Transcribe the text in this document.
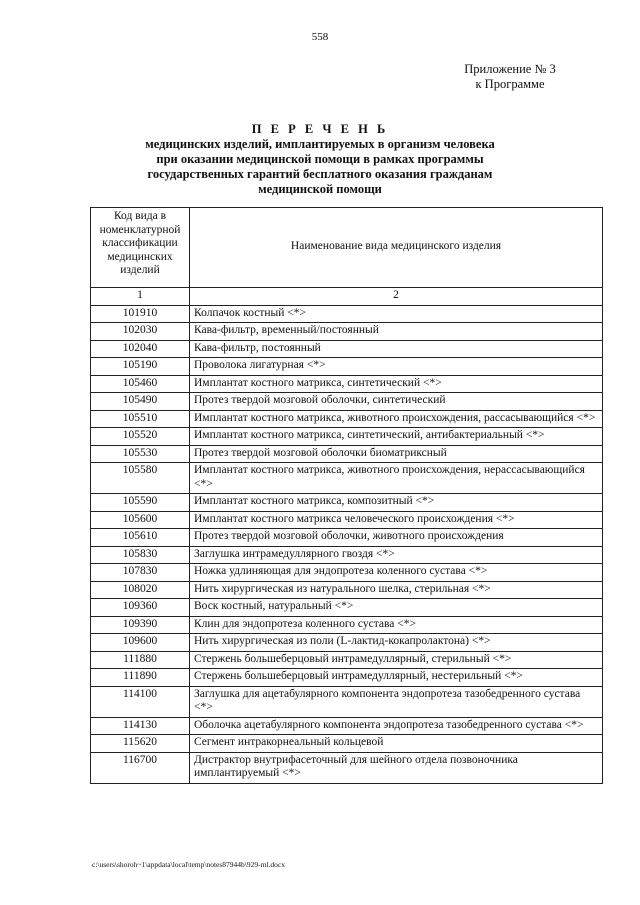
558
Приложение № 3
к Программе
П Е Р Е Ч Е Н Ь
медицинских изделий, имплантируемых в организм человека
при оказании медицинской помощи в рамках программы
государственных гарантий бесплатного оказания гражданам
медицинской помощи
Код вида в номенклатурной классификации медицинских изделий	Наименование вида медицинского изделия
1	2
101910	Колпачок костный <*>
102030	Кава-фильтр, временный/постоянный
102040	Кава-фильтр, постоянный
105190	Проволока лигатурная <*>
105460	Имплантат костного матрикса, синтетический <*>
105490	Протез твердой мозговой оболочки, синтетический
105510	Имплантат костного матрикса, животного происхождения, рассасывающийся <*>
105520	Имплантат костного матрикса, синтетический, антибактериальный <*>
105530	Протез твердой мозговой оболочки биоматриксный
105580	Имплантат костного матрикса, животного происхождения, нерассасывающийся <*>
105590	Имплантат костного матрикса, композитный <*>
105600	Имплантат костного матрикса человеческого происхождения <*>
105610	Протез твердой мозговой оболочки, животного происхождения
105830	Заглушка интрамедуллярного гвоздя <*>
107830	Ножка удлиняющая для эндопротеза коленного сустава <*>
108020	Нить хирургическая из натурального шелка, стерильная <*>
109360	Воск костный, натуральный <*>
109390	Клин для эндопротеза коленного сустава <*>
109600	Нить хирургическая из поли (L-лактид-кокапролактона) <*>
111880	Стержень большеберцовый интрамедуллярный, стерильный <*>
111890	Стержень большеберцовый интрамедуллярный, нестерильный <*>
114100	Заглушка для ацетабулярного компонента эндопротеза тазобедренного сустава <*>
114130	Оболочка ацетабулярного компонента эндопротеза тазобедренного сустава <*>
115620	Сегмент интракорнеальный кольцевой
116700	Дистрактор внутрифасеточный для шейного отдела позвоночника имплантируемый <*>
c:\users\shoroh~1\appdata\local\temp\notes87944b\929-ml.docx
